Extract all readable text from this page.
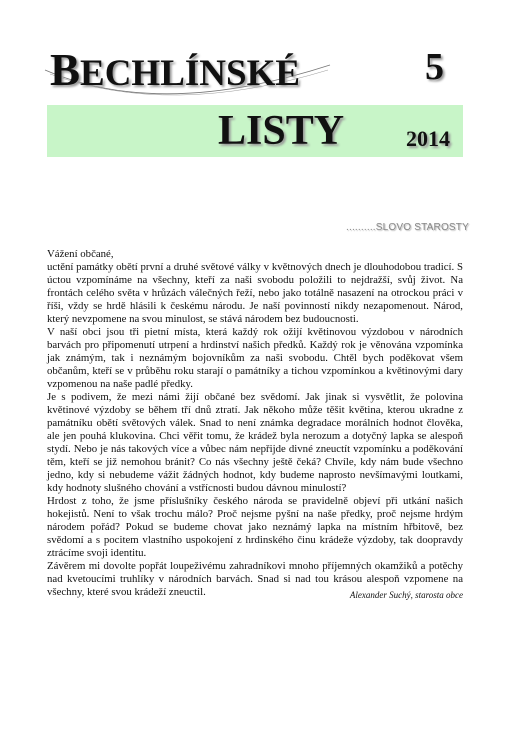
BECHLÍNSKÉ
LISTY
5
2014
..........SLOVO STAROSTY

Vážení občané,

uctění památky obětí první a druhé světové války v květnových dnech je dlouhodobou tradicí. S úctou vzpomínáme na všechny, kteří za naši svobodu položili to nejdražší, svůj život. Na frontách celého světa v hrůzách válečných řeží, nebo jako totálně nasazení na otrockou práci v říši, vždy se hrdě hlásili k českému národu. Je naší povinností nikdy nezapomenout. Národ, který nevzpomene na svou minulost, se stává národem bez budoucnosti.

V naší obci jsou tři pietní místa, která každý rok ožijí květinovou výzdobou v národních barvách pro připomenutí utrpení a hrdinství našich předků. Každý rok je věnována vzpomínka jak známým, tak i neznámým bojovníkům za naši svobodu. Chtěl bych poděkovat všem občanům, kteří se v průběhu roku starají o památníky a tichou vzpomínkou a květinovými dary vzpomenou na naše padlé předky.

Je s podivem, že mezi námi žijí občané bez svědomí. Jak jinak si vysvětlit, že polovina květinové výzdoby se během tří dnů ztratí. Jak někoho může těšit květina, kterou ukradne z památníku obětí světových válek. Snad to není známka degradace morálních hodnot člověka, ale jen pouhá klukovina. Chci věřit tomu, že krádež byla nerozum a dotyčný lapka se alespoň stydí. Nebo je nás takových více a vůbec nám nepřijde divné zneuctít vzpomínku a poděkování těm, kteří se již nemohou bránit? Co nás všechny ještě čeká? Chvíle, kdy nám bude všechno jedno, kdy si nebudeme vážit žádných hodnot, kdy budeme naprosto nevšímavými loutkami, kdy hodnoty slušného chování a vstřícnosti budou dávnou minulostí?

Hrdost z toho, že jsme příslušníky českého národa se pravidelně objeví při utkání našich hokejistů. Není to však trochu málo? Proč nejsme pyšní na naše předky, proč nejsme hrdým národem pořád? Pokud se budeme chovat jako neznámý lapka na místním hřbitově, bez svědomí a s pocitem vlastního uspokojení z hrdinského činu krádeže výzdoby, tak doopravdy ztrácíme svoji identitu.

Závěrem mi dovolte popřát loupeživému zahradníkovi mnoho příjemných okamžiků a potěchy nad kvetoucími truhlíky v národních barvách. Snad si nad tou krásou alespoň vzpomene na všechny, které svou krádeží zneuctil.	Alexander Suchý, starosta obce
